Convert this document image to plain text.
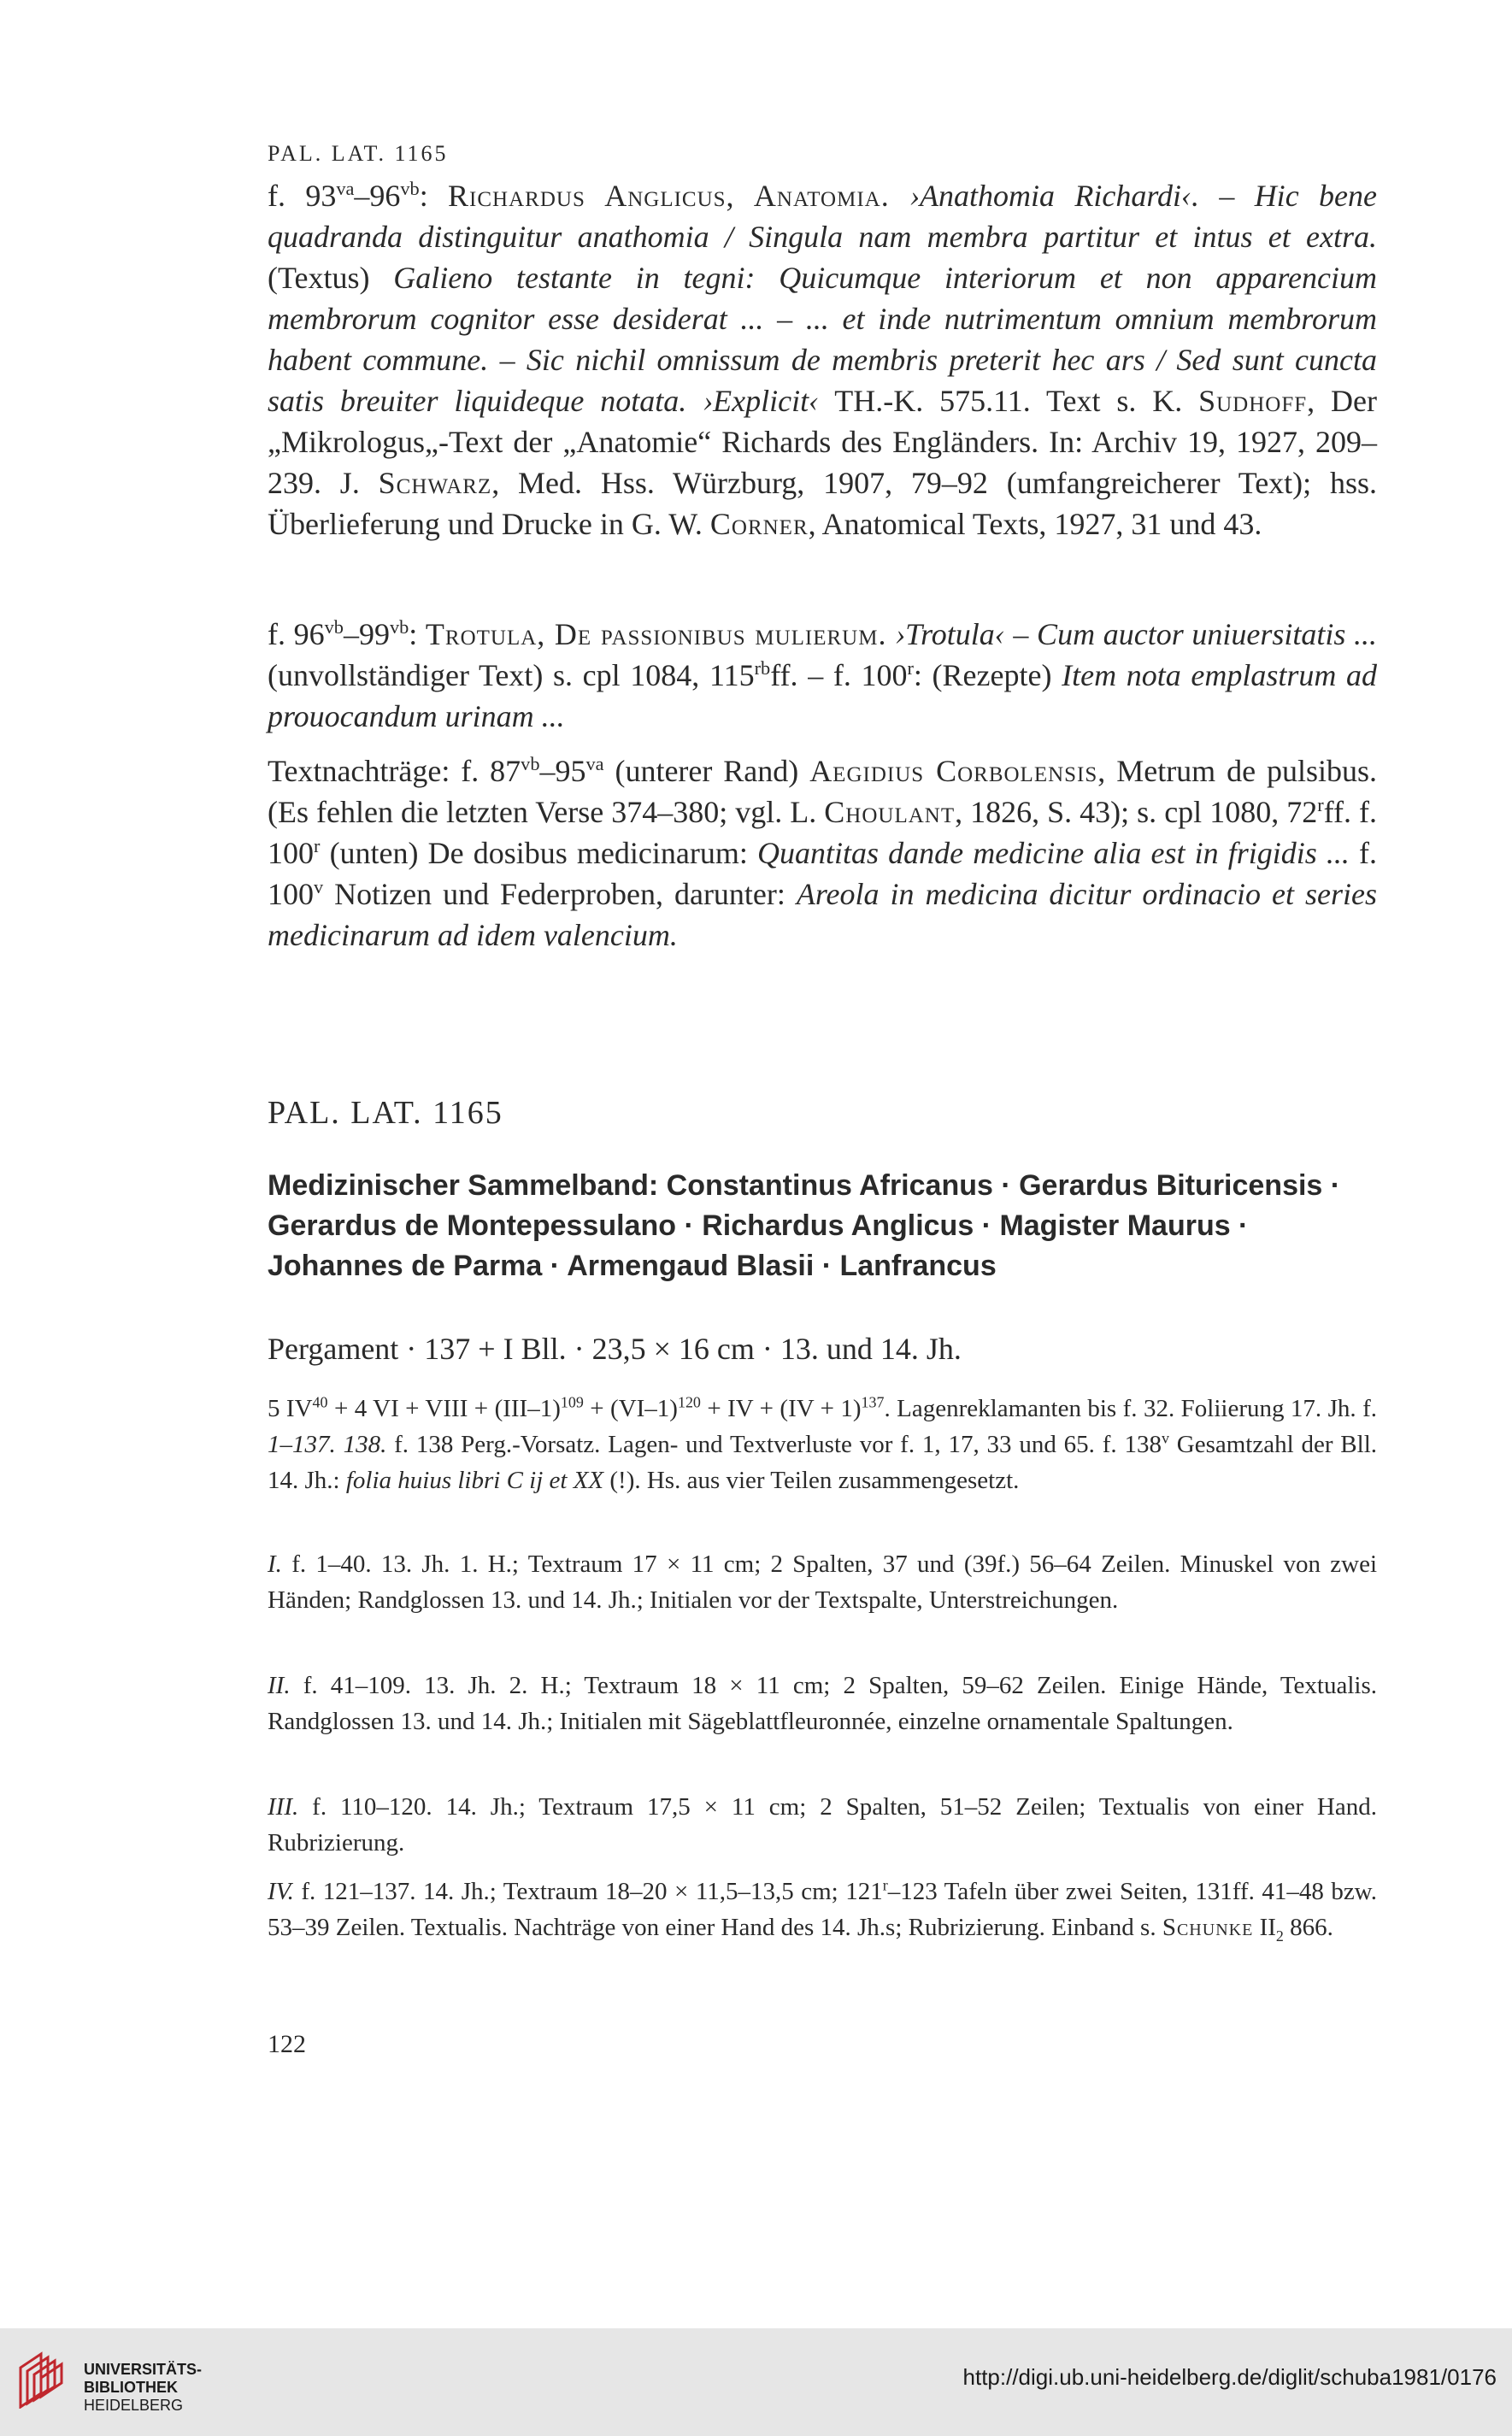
PAL. LAT. 1165
f. $93^{va}-96^{vb}$: Richardus Anglicus, Anatomia. ›Anathomia Richardi‹. – Hic bene quadranda distinguitur anathomia / Singula nam membra partitur et intus et extra. (Textus) Galieno testante in tegni: Quicumque interiorum et non apparencium membrorum cognitor esse desiderat ... – ... et inde nutrimentum omnium membrorum habent commune. – Sic nichil omnissum de membris preterit hec ars / Sed sunt cuncta satis breuiter liquideque notata. ›Explicit‹ TH.-K. 575.11. Text s. K. Sudhoff, Der „Mikrologus„-Text der „Anatomie“ Richards des Engländers. In: Archiv 19, 1927, 209–239. J. Schwarz, Med. Hss. Würzburg, 1907, 79–92 (umfangreicherer Text); hss. Überlieferung und Drucke in G. W. Corner, Anatomical Texts, 1927, 31 und 43.
f. $96^{vb}-99^{vb}$: Trotula, De passionibus mulierum. ›Trotula‹ – Cum auctor uniuersitatis ... (unvollständiger Text) s. cpl 1084, $115^{rb}ff$. – f. 100$^r$: (Rezepte) Item nota emplastrum ad prouocandum urinam ...
Textnachträge: f. $87^{vb}-95^{va}$ (unterer Rand) Aegidius Corbolensis, Metrum de pulsibus. (Es fehlen die letzten Verse 374–380; vgl. L. Choulant, 1826, S. 43); s. cpl 1080, 72$^r$ff. f. 100$^r$ (unten) De dosibus medicinarum: Quantitas dande medicine alia est in frigidis ... f. 100$^v$ Notizen und Federproben, darunter: Areola in medicina dicitur ordinacio et series medicinarum ad idem valencium.
PAL. LAT. 1165
Medizinischer Sammelband: Constantinus Africanus · Gerardus Bituricensis · Gerardus de Montepessulano · Richardus Anglicus · Magister Maurus · Johannes de Parma · Armengaud Blasii · Lanfrancus
Pergament · 137 + I Bll. · 23,5 × 16 cm · 13. und 14. Jh.
5 $IV^{40} + 4$ VI + VIII + $(III-1)^{109} + (VI-1)^{120}$ + IV + (IV + 1)$^{137}$. Lagenreklamanten bis f. 32. Foliierung 17. Jh. f. 1–137. 138. f. 138 Perg.-Vorsatz. Lagen- und Textverluste vor f. 1, 17, 33 und 65. f. 138$^v$ Gesamtzahl der Bll. 14. Jh.: folia huius libri C ij et XX (!). Hs. aus vier Teilen zusammengesetzt.
I. f. 1–40. 13. Jh. 1. H.; Textraum 17 × 11 cm; 2 Spalten, 37 und (39f.) 56–64 Zeilen. Minuskel von zwei Händen; Randglossen 13. und 14. Jh.; Initialen vor der Textspalte, Unterstreichungen.
II. f. 41–109. 13. Jh. 2. H.; Textraum 18 × 11 cm; 2 Spalten, 59–62 Zeilen. Einige Hände, Textualis. Randglossen 13. und 14. Jh.; Initialen mit Sägeblattfleuronnée, einzelne ornamentale Spaltungen.
III. f. 110–120. 14. Jh.; Textraum 17,5 × 11 cm; 2 Spalten, 51–52 Zeilen; Textualis von einer Hand. Rubrizierung.
IV. f. 121–137. 14. Jh.; Textraum 18–20 × 11,5–13,5 cm; 121$^r$–123 Tafeln über zwei Seiten, 131ff. 41–48 bzw. 53–39 Zeilen. Textualis. Nachträge von einer Hand des 14. Jh.s; Rubrizierung. Einband s. Schunke $II_2$ 866.
122
UNIVERSITÄTS-
BIBLIOTHEK
HEIDELBERG
http://digi.ub.uni-heidelberg.de/diglit/schuba1981/0176
